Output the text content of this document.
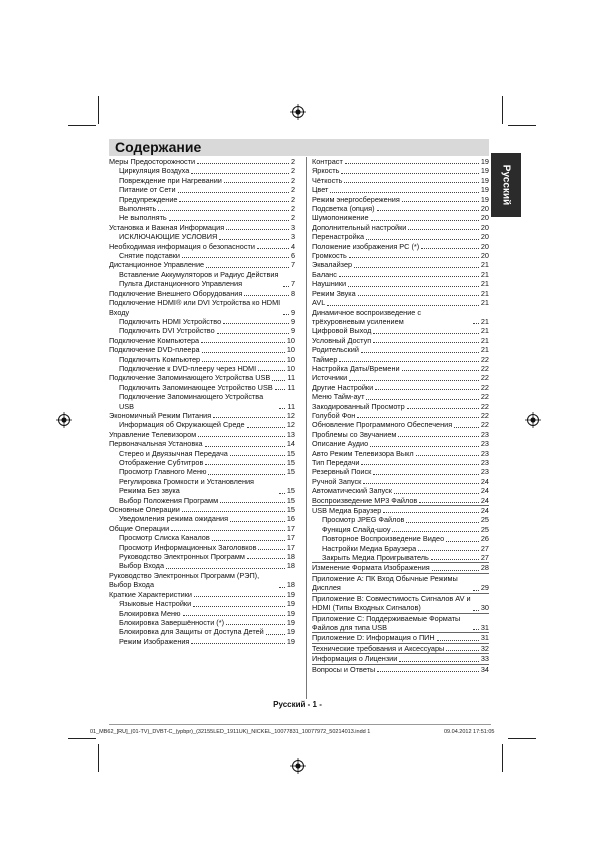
Содержание
Русский
Меры Предосторожности	2
Циркуляция Воздуха	2
Повреждение при Нагревании	2
Питание от Сети	2
Предупреждение	2
Выполнять	2
Не выполнять	2
Установка и Важная Информация	3
ИСКЛЮЧАЮЩИЕ УСЛОВИЯ	3
Необходимая информация о безопасности	4
Снятие подставки	6
Дистанционное Управление	7
Вставление Аккумуляторов и Радиус Действия Пульта Дистанционного Управления	7
Подключение Внешнего Оборудования	8
Подключение HDMI® или DVI Устройства ко HDMI Входу	9
Подключить HDMI Устройство	9
Подключить DVI Устройство	9
Подключение Компьютера	10
Подключение DVD-плеера	10
Подключить Компьютер	10
Подключение к DVD-плееру через HDMI	10
Подключение Запоминающего Устройства USB 11
Подключить Запоминающее Устройство USB 11
Подключение Запоминающего Устройства USB	11
Экономичный Режим Питания	12
Информация об Окружающей Среде	12
Управление Телевизором	13
Первоначальная Установка	14
Стерео и Двуязычная Передача	15
Отображение Субтитров	15
Просмотр Главного Меню	15
Регулировка Громкости и Установления Режима Без звука	15
Выбор Положения Программ	15
Основные Операции	15
Уведомления режима ожидания	16
Общие Операции	17
Просмотр Слиска Каналов	17
Просмотр Информационных Заголовков	17
Руководство Электронных Программ	18
Выбор Входа	18
Руководство Электронных Программ (РЭП), Выбор Входа	18
Краткие Характеристики	19
Языковые Настройки	19
Блокировка Меню	19
Блокировка Завершённости (*)	19
Блокировка для Защиты от Доступа Детей	19
Режим Изображения	19
Контраст	19
Яркость	19
Чёткость	19
Цвет	19
Режим энергосбережения	19
Подсветка (опция)	20
Шумопонижение	20
Дополнительный настройки	20
Перенастройка	20
Положение изображения PC (*)	20
Громкость	20
Эквалайзер	21
Баланс	21
Наушники	21
Режим Звука	21
AVL	21
Динамичное воспроизведение с трёхуровневым усилением	21
Цифровой Выход	21
Условный Доступ	21
Родительский	21
Таймер	22
Настройка Даты/Времени	22
Источники	22
Другие Настройки	22
Меню Тайм-аут	22
Закодированный Просмотр	22
Голубой Фон	22
Обновление Программного Обеспечения	22
Проблемы со Звучанием	23
Описание Аудио	23
Авто Режим Телевизора Выкл	23
Тип Передачи	23
Резервный Поиск	23
Ручной Запуск	24
Автоматический Запуск	24
Воспроизведение MP3 Файлов	24
USB Медиа Браузер	24
Просмотр JPEG Файлов	25
Функция Слайд-шоу	25
Повторное Воспроизведение Видео	26
Настройки Медиа Браузера	27
Закрыть Медиа Проигрыватель	27
Изменение Формата Изображения	28
Приложение A: ПК Вход Обычные Режимы Дисплея	29
Приложение B: Совместимость Сигналов AV и HDMI (Типы Входных Сигналов)	30
Приложение C: Поддерживаемые Форматы Файлов для типа USB	31
Приложение D: Информация о ПИН	31
Технические требования и Аксессуары	32
Информация о Лицензии	33
Вопросы и Ответы	34
Русский - 1 -
01_MB62_[RU]_(01-TV)_DVBT-C_(ypbpr)_(32155LED_1911UK)_NICKEL_10077831_10077972_50214013.indd 1	09.04.2012 17:51:05
